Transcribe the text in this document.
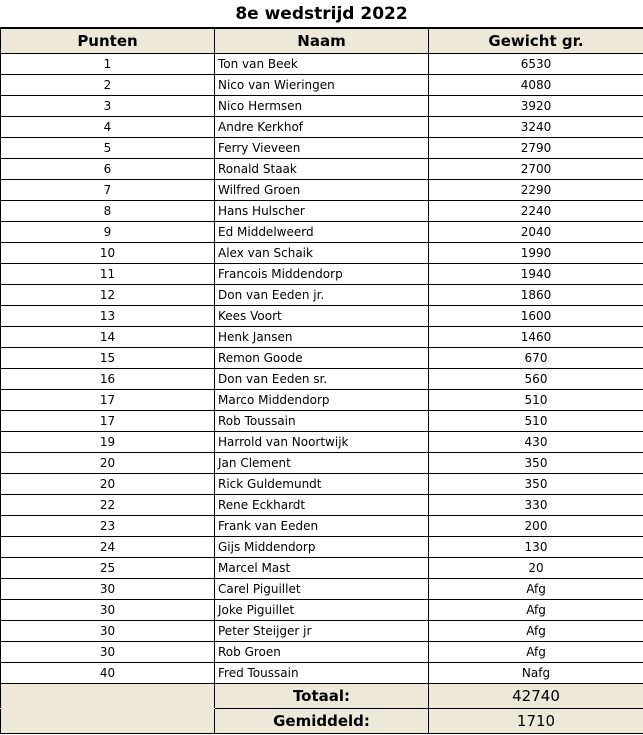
8e wedstrijd 2022
Punten	Naam	Gewicht gr.
1	Ton van Beek	6530
2	Nico van Wieringen	4080
3	Nico Hermsen	3920
4	Andre Kerkhof	3240
5	Ferry Vieveen	2790
6	Ronald Staak	2700
7	Wilfred Groen	2290
8	Hans Hulscher	2240
9	Ed Middelweerd	2040
10	Alex van Schaik	1990
11	Francois Middendorp	1940
12	Don van Eeden jr.	1860
13	Kees Voort	1600
14	Henk Jansen	1460
15	Remon Goode	670
16	Don van Eeden sr.	560
17	Marco Middendorp	510
17	Rob Toussain	510
19	Harrold van Noortwijk	430
20	Jan Clement	350
20	Rick Guldemundt	350
22	Rene Eckhardt	330
23	Frank van Eeden	200
24	Gijs Middendorp	130
25	Marcel Mast	20
30	Carel Piguillet	Afg
30	Joke Piguillet	Afg
30	Peter Steijger jr	Afg
30	Rob Groen	Afg
40	Fred Toussain	Nafg
	Totaal:	42740
	Gemiddeld:	1710
